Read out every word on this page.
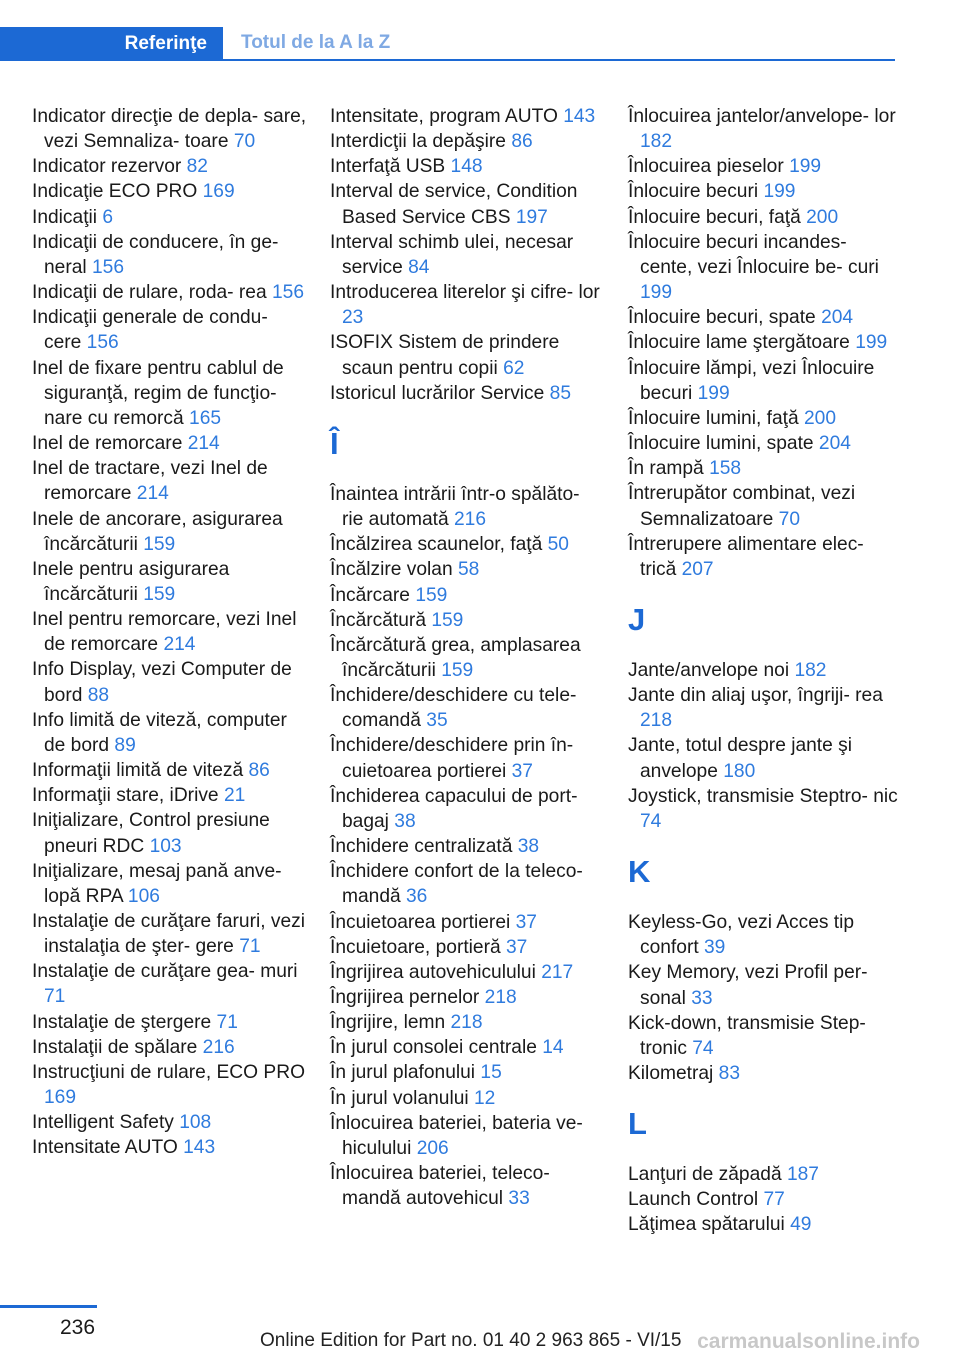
Referinţe	Totul de la A la Z
Indicator direcţie de depla‐ sare, vezi Semnaliza‐ toare 70
Indicator rezervor 82
Indicaţie ECO PRO 169
Indicaţii 6
Indicaţii de conducere, în ge‐ neral 156
Indicaţii de rulare, roda‐ rea 156
Indicaţii generale de condu‐ cere 156
Inel de fixare pentru cablul de siguranţă, regim de funcţio‐ nare cu remorcă 165
Inel de remorcare 214
Inel de tractare, vezi Inel de remorcare 214
Inele de ancorare, asigurarea încărcăturii 159
Inele pentru asigurarea încărcăturii 159
Inel pentru remorcare, vezi Inel de remorcare 214
Info Display, vezi Computer de bord 88
Info limită de viteză, computer de bord 89
Informaţii limită de viteză 86
Informaţii stare, iDrive 21
Iniţializare, Control presiune pneuri RDC 103
Iniţializare, mesaj pană anve‐ lopă RPA 106
Instalaţie de curăţare faruri, vezi instalaţia de şter‐ gere 71
Instalaţie de curăţare gea‐ muri 71
Instalaţie de ştergere 71
Instalaţii de spălare 216
Instrucţiuni de rulare, ECO PRO 169
Intelligent Safety 108
Intensitate AUTO 143
Intensitate, program AUTO 143
Interdicţii la depăşire 86
Interfaţă USB 148
Interval de service, Condition Based Service CBS 197
Interval schimb ulei, necesar service 84
Introducerea literelor şi cifre‐ lor 23
ISOFIX Sistem de prindere scaun pentru copii 62
Istoricul lucrărilor Service 85
Î
Înaintea intrării într-o spălăto‐ rie automată 216
Încălzirea scaunelor, faţă 50
Încălzire volan 58
Încărcare 159
Încărcătură 159
Încărcătură grea, amplasarea încărcăturii 159
Închidere/deschidere cu tele‐ comandă 35
Închidere/deschidere prin în‐ cuietoarea portierei 37
Închiderea capacului de port‐ bagaj 38
Închidere centralizată 38
Închidere confort de la teleco‐ mandă 36
Încuietoarea portierei 37
Încuietoare, portieră 37
Îngrijirea autovehiculului 217
Îngrijirea pernelor 218
Îngrijire, lemn 218
În jurul consolei centrale 14
În jurul plafonului 15
În jurul volanului 12
Înlocuirea bateriei, bateria ve‐ hiculului 206
Înlocuirea bateriei, teleco‐ mandă autovehicul 33
Înlocuirea jantelor/anvelope‐ lor 182
Înlocuirea pieselor 199
Înlocuire becuri 199
Înlocuire becuri, faţă 200
Înlocuire becuri incandes‐ cente, vezi Înlocuire be‐ curi 199
Înlocuire becuri, spate 204
Înlocuire lame ştergătoare 199
Înlocuire lămpi, vezi Înlocuire becuri 199
Înlocuire lumini, faţă 200
Înlocuire lumini, spate 204
În rampă 158
Întrerupător combinat, vezi Semnalizatoare 70
Întrerupere alimentare elec‐ trică 207
J
Jante/anvelope noi 182
Jante din aliaj uşor, îngriji‐ rea 218
Jante, totul despre jante şi anvelope 180
Joystick, transmisie Steptro‐ nic 74
K
Keyless-Go, vezi Acces tip confort 39
Key Memory, vezi Profil per‐ sonal 33
Kick-down, transmisie Step‐ tronic 74
Kilometraj 83
L
Lanţuri de zăpadă 187
Launch Control 77
Lăţimea spătarului 49
236
Online Edition for Part no. 01 40 2 963 865 - VI/15 carmanualsonline.info
